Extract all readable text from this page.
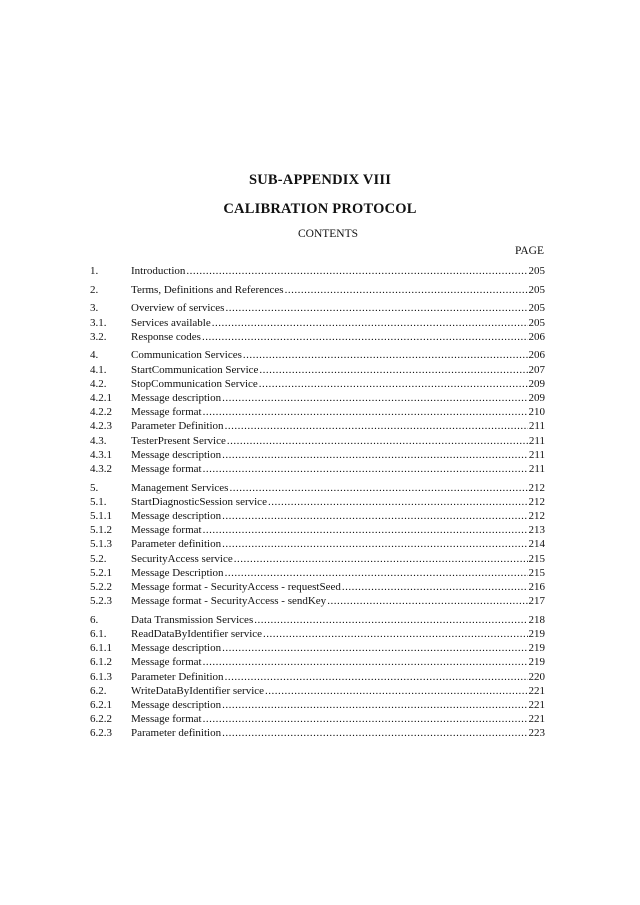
SUB-APPENDIX VIII
CALIBRATION PROTOCOL
CONTENTS
PAGE
1.	Introduction .....	205
2.	Terms, Definitions and References .....	205
3.	Overview of services .....	205
3.1.	Services available .....	205
3.2.	Response codes .....	206
4.	Communication Services .....	206
4.1.	StartCommunication Service .....	207
4.2.	StopCommunication Service .....	209
4.2.1	Message description .....	209
4.2.2	Message format .....	210
4.2.3	Parameter Definition .....	211
4.3.	TesterPresent Service .....	211
4.3.1	Message description .....	211
4.3.2	Message format .....	211
5.	Management Services .....	212
5.1.	StartDiagnosticSession service .....	212
5.1.1	Message description .....	212
5.1.2	Message format .....	213
5.1.3	Parameter definition .....	214
5.2.	SecurityAccess service .....	215
5.2.1	Message Description .....	215
5.2.2	Message format - SecurityAccess - requestSeed .....	216
5.2.3	Message format - SecurityAccess - sendKey .....	217
6.	Data Transmission Services .....	218
6.1.	ReadDataByIdentifier service .....	219
6.1.1	Message description .....	219
6.1.2	Message format .....	219
6.1.3	Parameter Definition .....	220
6.2.	WriteDataByIdentifier service .....	221
6.2.1	Message description .....	221
6.2.2	Message format .....	221
6.2.3	Parameter definition .....	223
